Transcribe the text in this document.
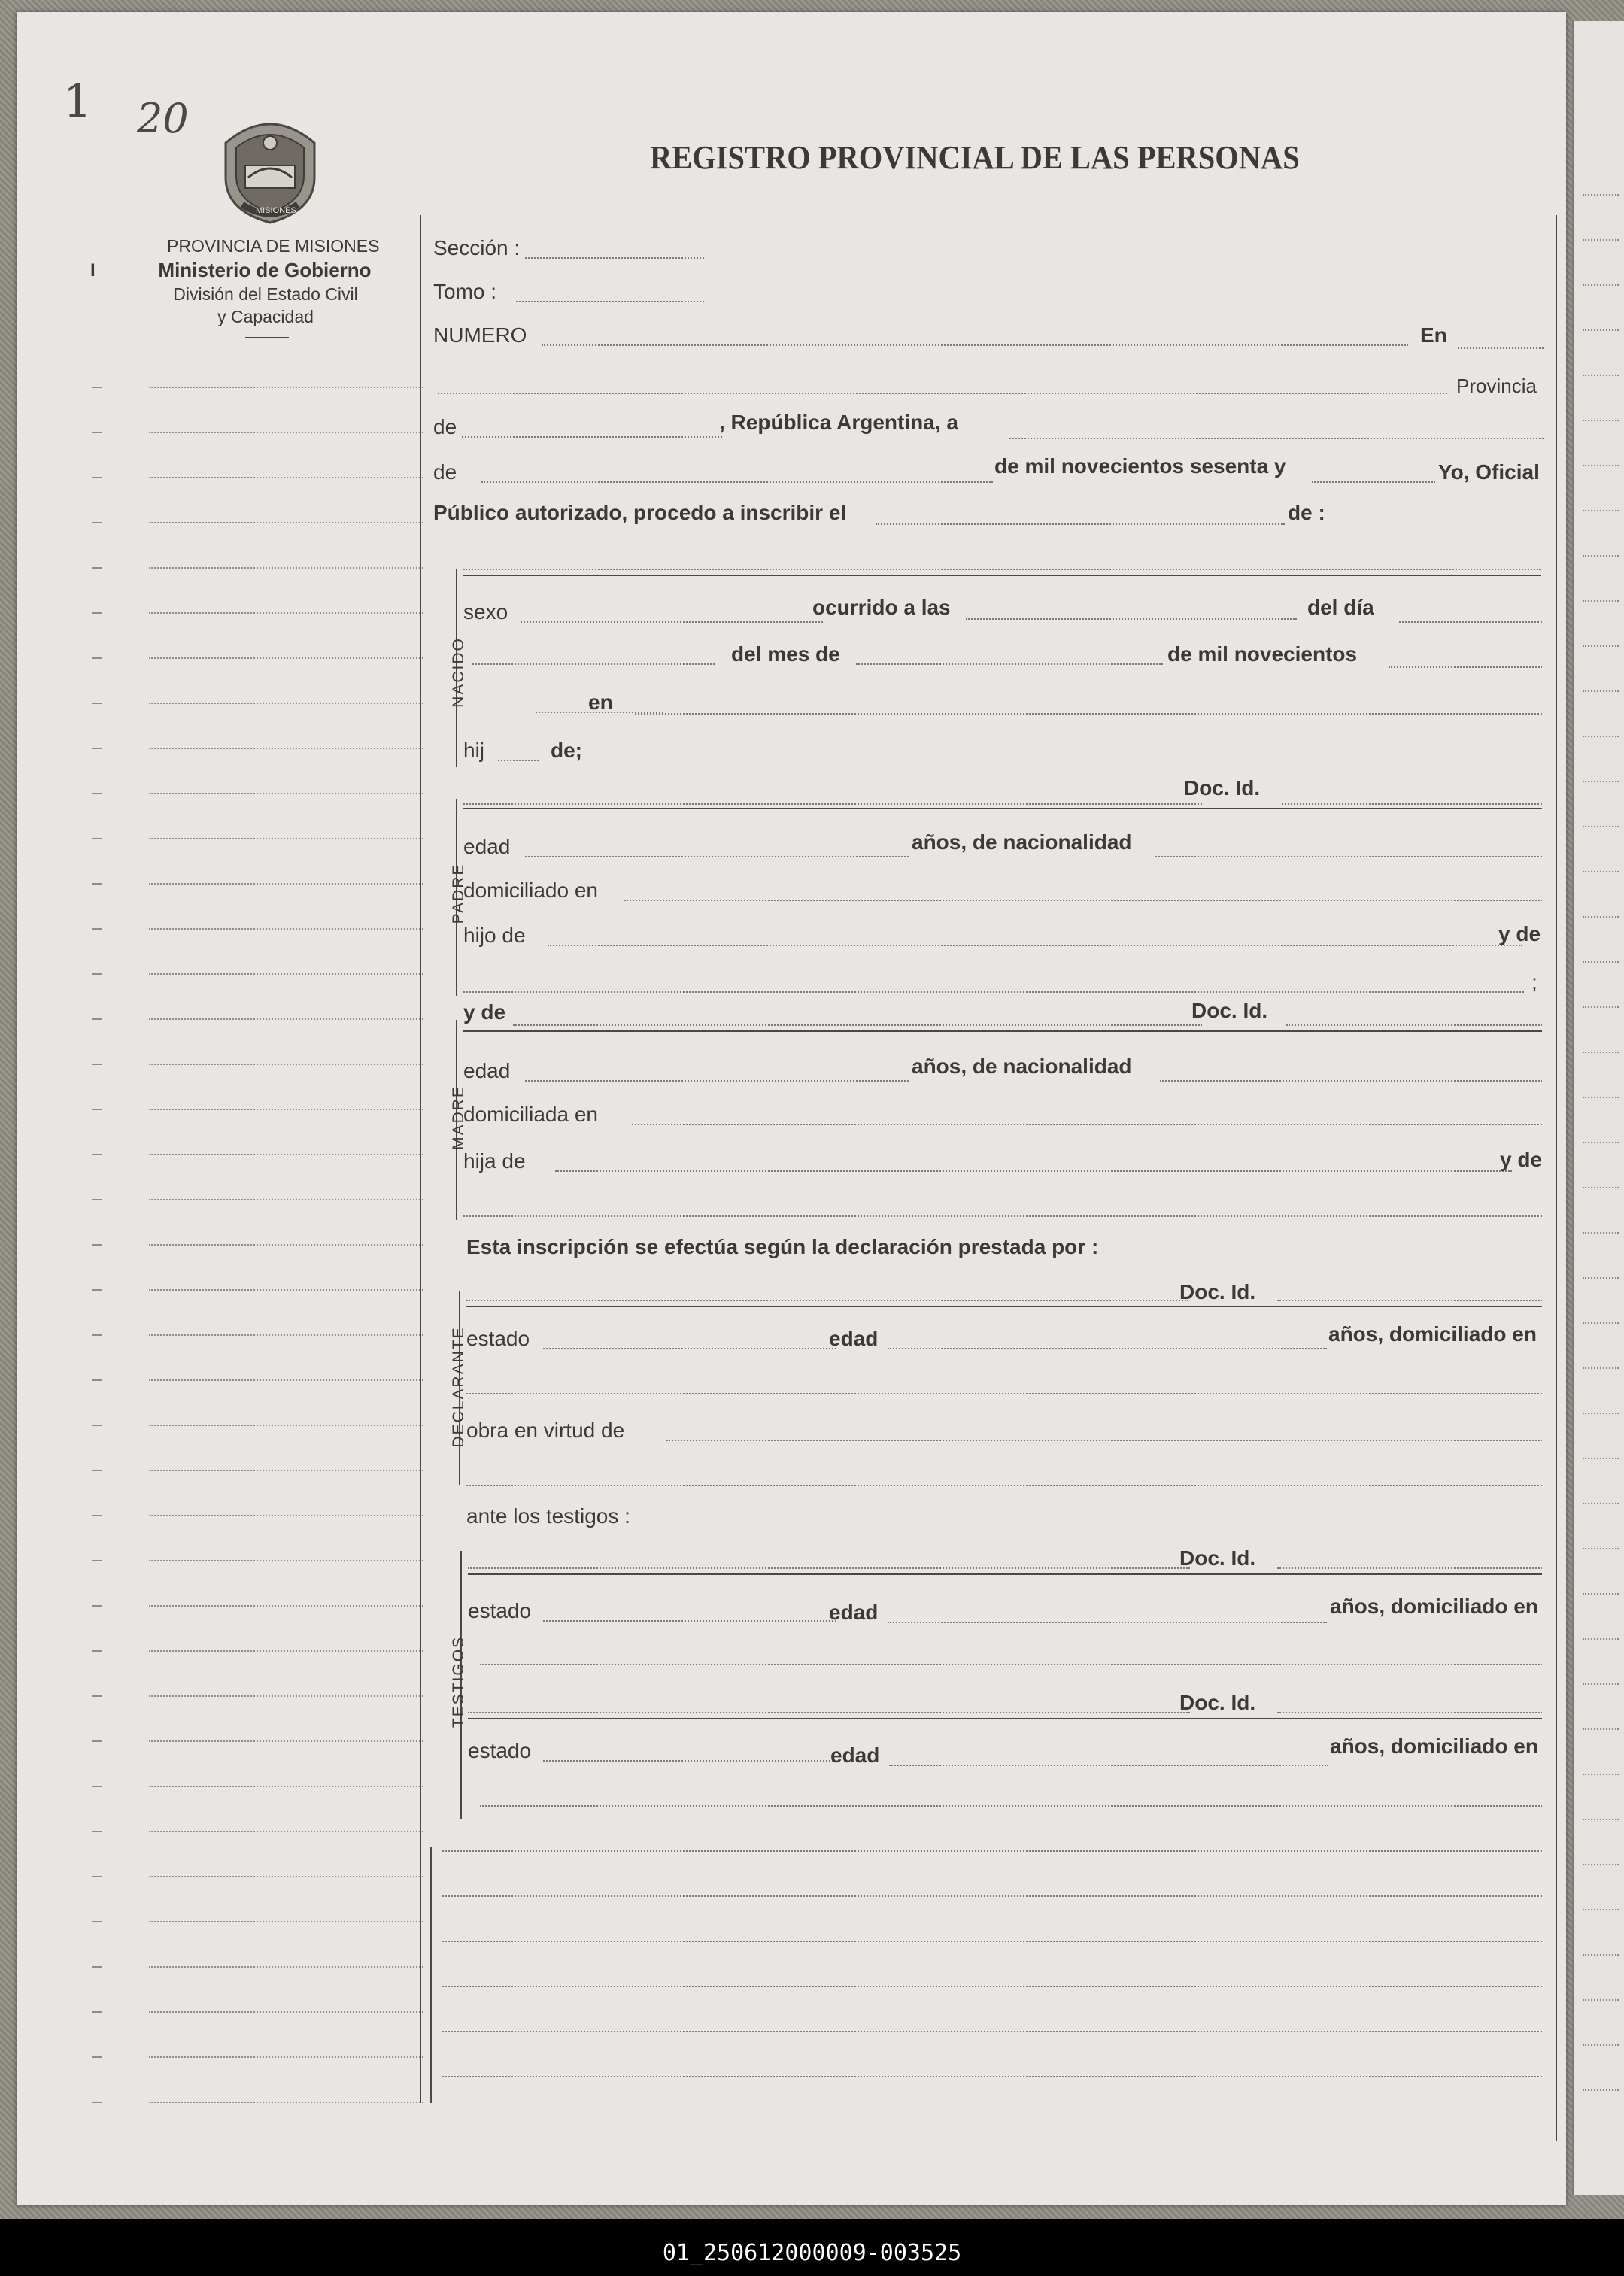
1 20
MISIONES
PROVINCIA DE MISIONES
Ministerio de Gobierno
División del Estado Civil
y Capacidad
I
REGISTRO PROVINCIAL DE LAS PERSONAS
Sección :
Tomo :
NUMERO	En
Provincia
de	, República Argentina, a
de	de mil novecientos sesenta y	Yo, Oficial
Público autorizado, procedo a inscribir el	de :
NACIDO
sexo	ocurrido a las	del día
del mes de	de mil novecientos
en
hij	de;
Doc. Id.
PADRE
edad	años, de nacionalidad
domiciliado en
hijo de	y de
;
y de	Doc. Id.
MADRE
edad	años, de nacionalidad
domiciliada en
hija de	y de
Esta inscripción se efectúa según la declaración prestada por :
Doc. Id.
DECLARANTE estado	edad	años, domiciliado en
obra en virtud de
ante los testigos :
Doc. Id.
TESTIGOS
estado	edad	años, domiciliado en
Doc. Id.
estado	edad	años, domiciliado en
01_250612000009-003525
